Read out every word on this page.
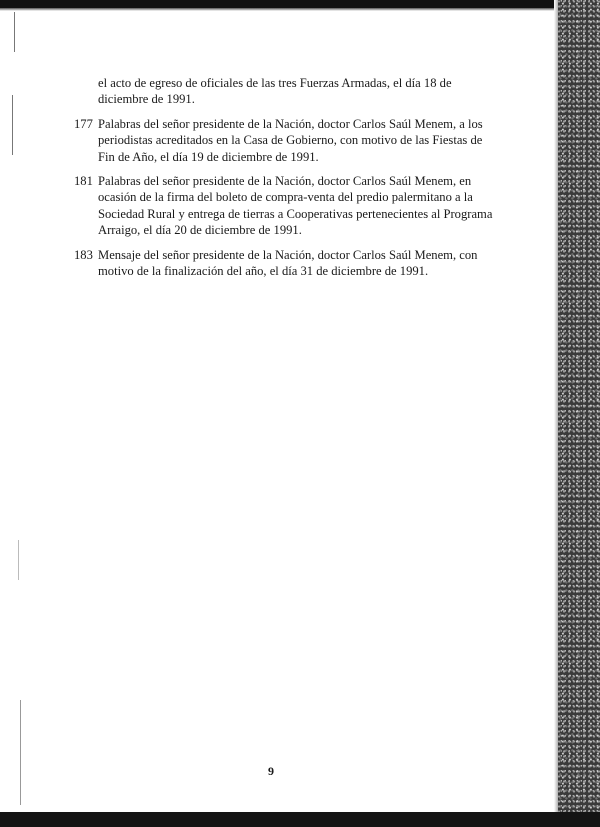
el acto de egreso de oficiales de las tres Fuerzas Armadas, el día 18 de diciembre de 1991.
177 Palabras del señor presidente de la Nación, doctor Carlos Saúl Menem, a los periodistas acreditados en la Casa de Gobierno, con motivo de las Fiestas de Fin de Año, el día 19 de diciembre de 1991.
181 Palabras del señor presidente de la Nación, doctor Carlos Saúl Menem, en ocasión de la firma del boleto de compra-venta del predio palermitano a la Sociedad Rural y entrega de tierras a Cooperativas pertenecientes al Programa Arraigo, el día 20 de diciembre de 1991.
183 Mensaje del señor presidente de la Nación, doctor Carlos Saúl Menem, con motivo de la finalización del año, el día 31 de diciembre de 1991.
9
